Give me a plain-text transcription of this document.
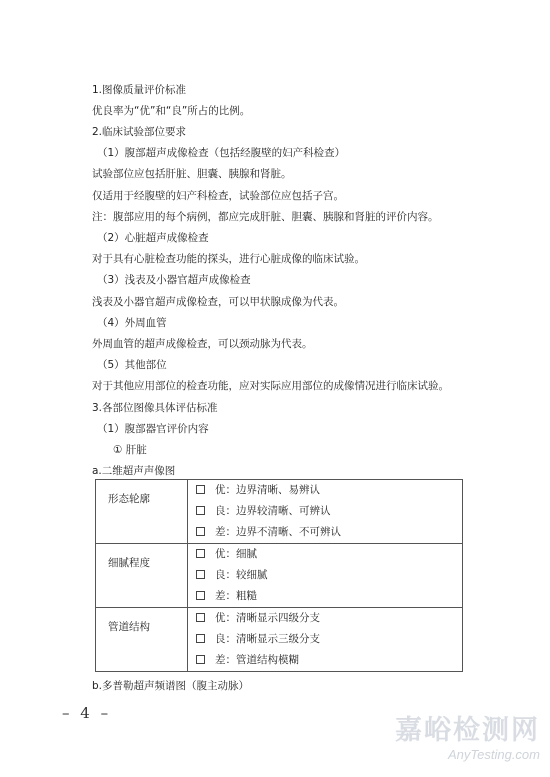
1.图像质量评价标准
优良率为“优”和“良”所占的比例。
2.临床试验部位要求
（1）腹部超声成像检查（包括经腹壁的妇产科检查）
试验部位应包括肝脏、胆囊、胰腺和肾脏。
仅适用于经腹壁的妇产科检查，试验部位应包括子宫。
注：腹部应用的每个病例，都应完成肝脏、胆囊、胰腺和肾脏的评价内容。
（2）心脏超声成像检查
对于具有心脏检查功能的探头，进行心脏成像的临床试验。
（3）浅表及小器官超声成像检查
浅表及小器官超声成像检查，可以甲状腺成像为代表。
（4）外周血管
外周血管的超声成像检查，可以颈动脉为代表。
（5）其他部位
对于其他应用部位的检查功能，应对实际应用部位的成像情况进行临床试验。
3.各部位图像具体评估标准
（1）腹部器官评价内容
① 肝脏
a.二维超声声像图
形态轮廓	优：边界清晰、易辨认
良：边界较清晰、可辨认
差：边界不清晰、不可辨认

细腻程度	优：细腻
良：较细腻
差：粗糙

管道结构	优：清晰显示四级分支
良：清晰显示三级分支
差：管道结构模糊
b.多普勒超声频谱图（腹主动脉）
– 4 –
嘉峪检测网
AnyTesting.com
